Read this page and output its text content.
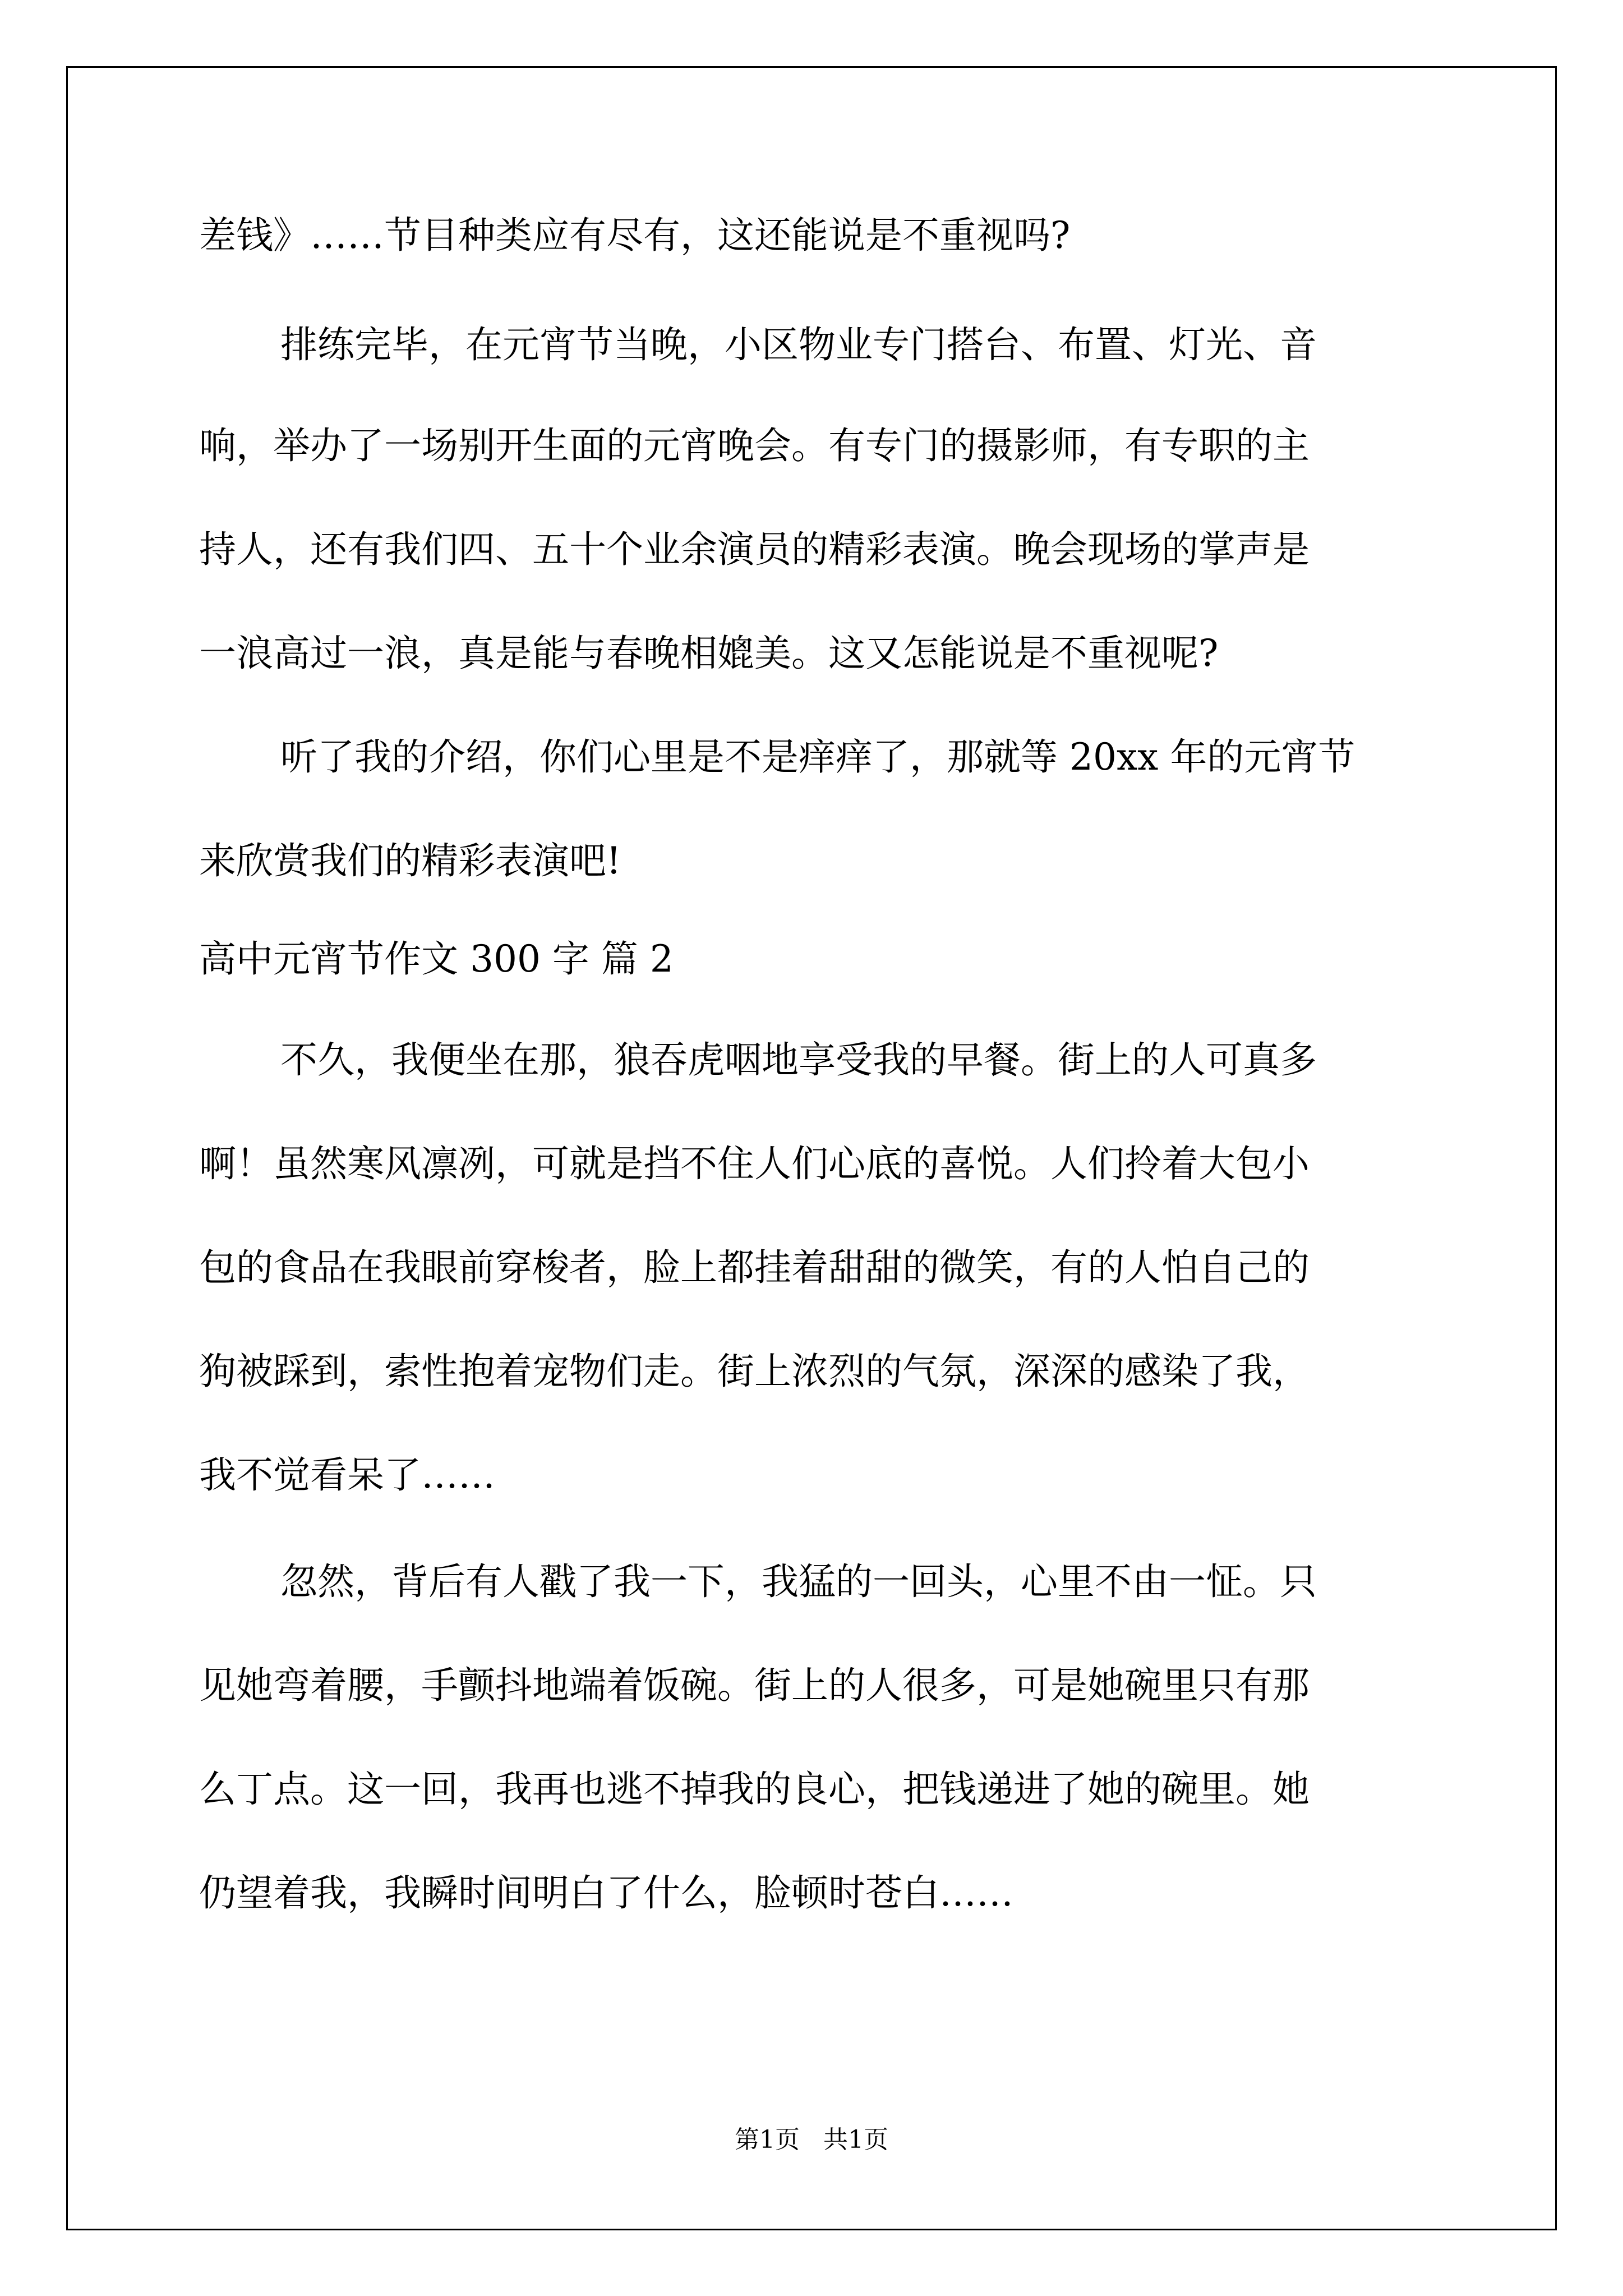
差钱》……节目种类应有尽有，这还能说是不重视吗?
排练完毕，在元宵节当晚，小区物业专门搭台、布置、灯光、音
响，举办了一场别开生面的元宵晚会。有专门的摄影师，有专职的主
持人，还有我们四、五十个业余演员的精彩表演。晚会现场的掌声是
一浪高过一浪，真是能与春晚相媲美。这又怎能说是不重视呢?
听了我的介绍，你们心里是不是痒痒了，那就等 20xx 年的元宵节
来欣赏我们的精彩表演吧!
高中元宵节作文 300 字 篇 2
不久，我便坐在那，狼吞虎咽地享受我的早餐。街上的人可真多
啊！虽然寒风凛冽，可就是挡不住人们心底的喜悦。人们拎着大包小
包的食品在我眼前穿梭者，脸上都挂着甜甜的微笑，有的人怕自己的
狗被踩到，索性抱着宠物们走。街上浓烈的气氛，深深的感染了我，
我不觉看呆了……
忽然，背后有人戳了我一下，我猛的一回头，心里不由一怔。只
见她弯着腰，手颤抖地端着饭碗。街上的人很多，可是她碗里只有那
么丁点。这一回，我再也逃不掉我的良心，把钱递进了她的碗里。她
仍望着我，我瞬时间明白了什么，脸顿时苍白……
第1页   共1页
